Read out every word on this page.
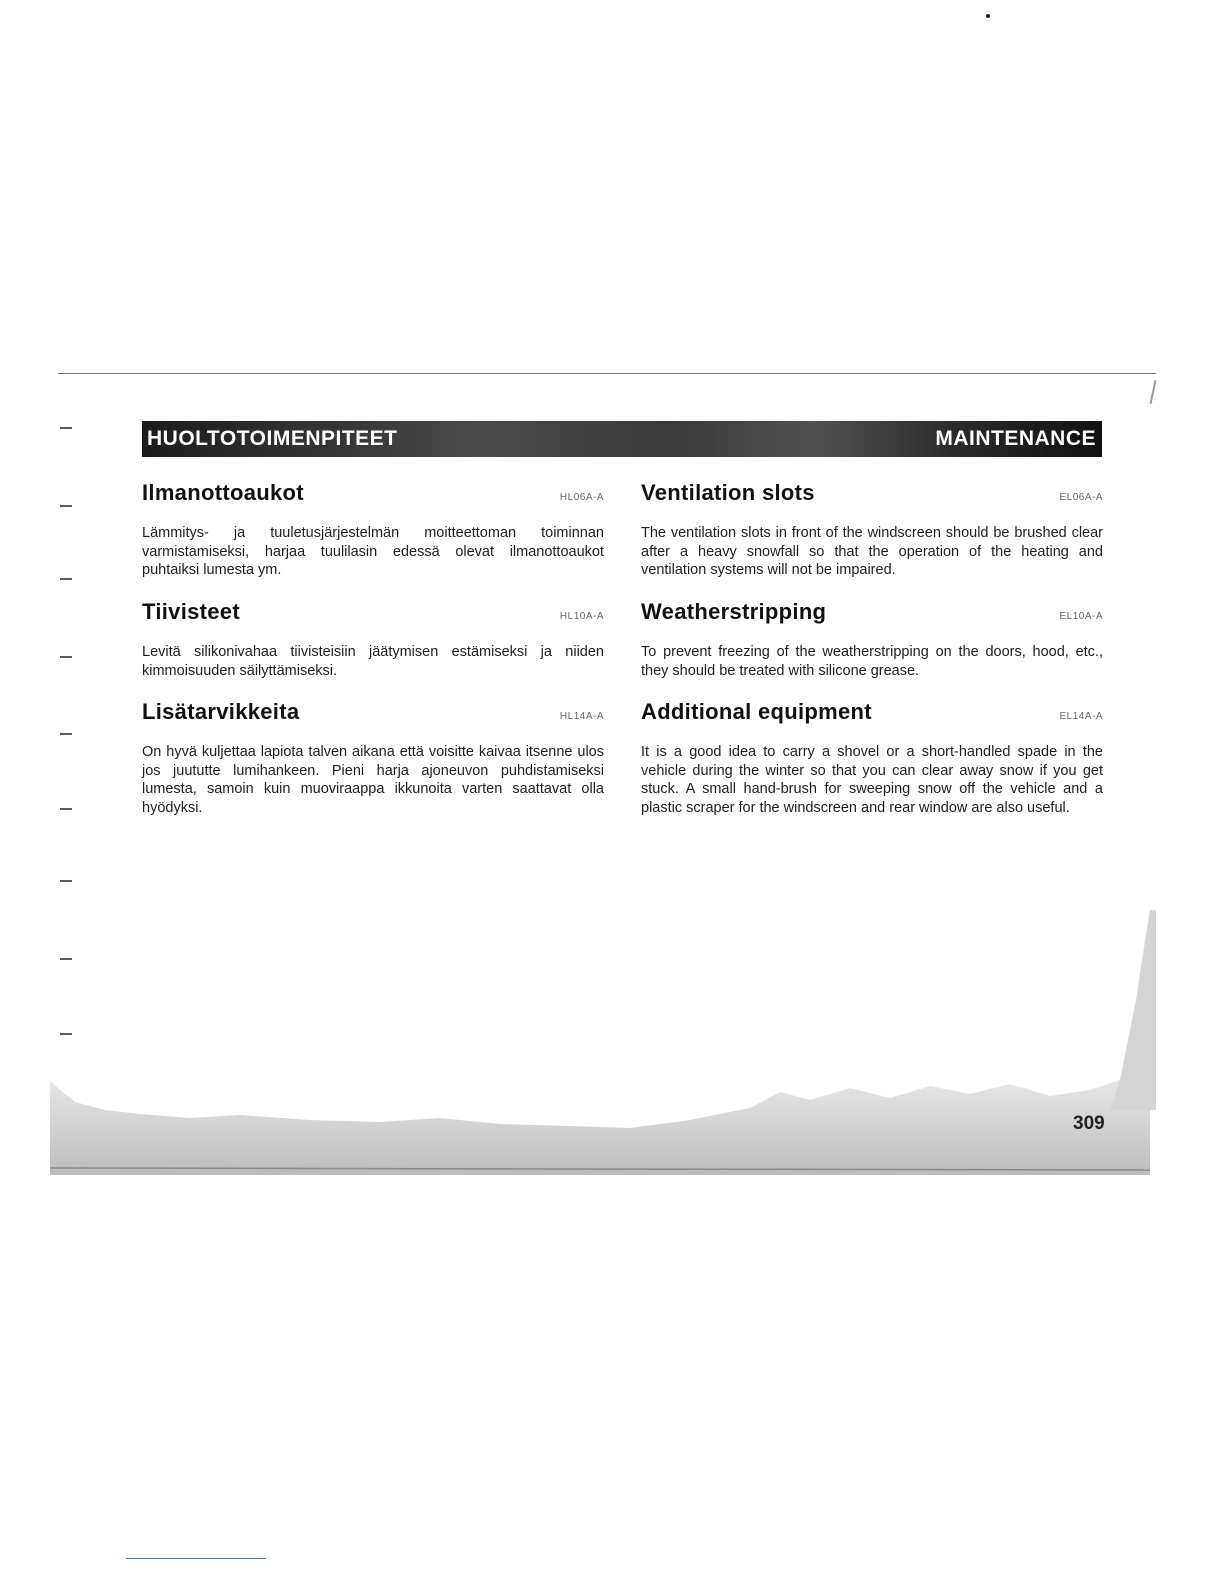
HUOLTOTOIMENPITEET	MAINTENANCE
Ilmanottoaukot	HL06A-A
Lämmitys- ja tuuletusjärjestelmän moitteettoman toiminnan varmistamiseksi, harjaa tuulilasin edessä olevat ilmanottoaukot puhtaiksi lumesta ym.
Tiivisteet	HL10A-A
Levitä silikonivahaa tiivisteisiin jäätymisen estämiseksi ja niiden kimmoisuuden säilyttämiseksi.
Lisätarvikkeita	HL14A-A
On hyvä kuljettaa lapiota talven aikana että voisitte kaivaa itsenne ulos jos juututte lumihankeen. Pieni harja ajoneuvon puhdistamiseksi lumesta, samoin kuin muoviraappa ikkunoita varten saattavat olla hyödyksi.
Ventilation slots	EL06A-A
The ventilation slots in front of the windscreen should be brushed clear after a heavy snowfall so that the operation of the heating and ventilation systems will not be impaired.
Weatherstripping	EL10A-A
To prevent freezing of the weatherstripping on the doors, hood, etc., they should be treated with silicone grease.
Additional equipment	EL14A-A
It is a good idea to carry a shovel or a short-handled spade in the vehicle during the winter so that you can clear away snow if you get stuck. A small hand-brush for sweeping snow off the vehicle and a plastic scraper for the windscreen and rear window are also useful.
309
